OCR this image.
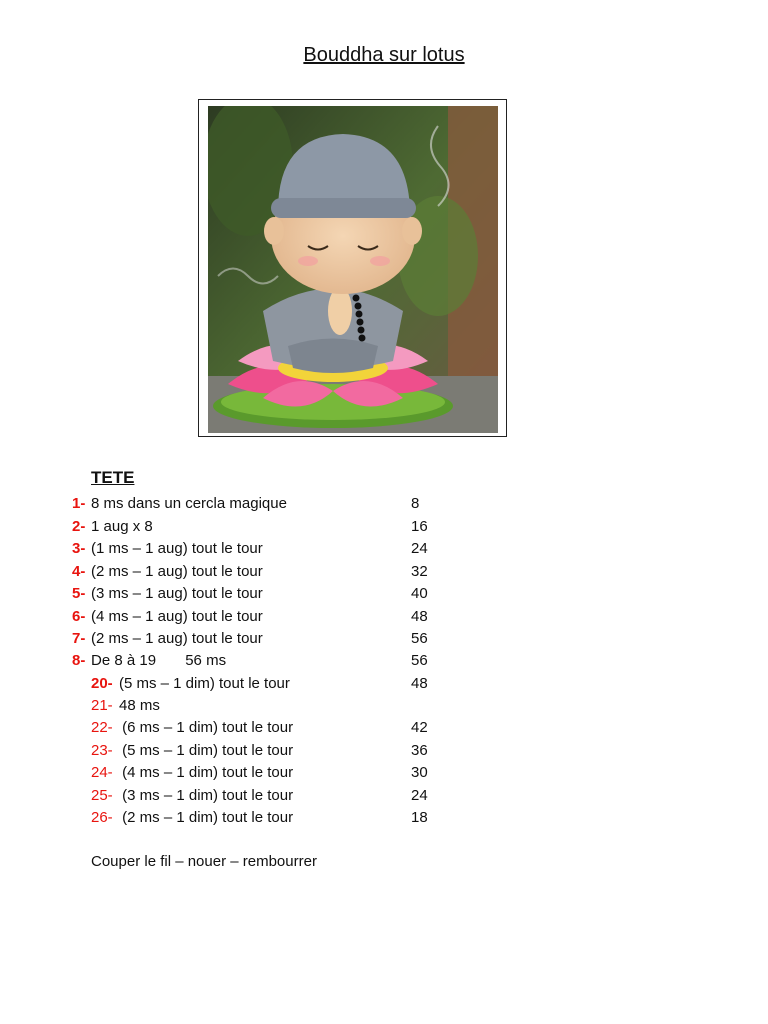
Bouddha sur lotus
TETE
1- 8 ms dans un cercla magique	8
2- 1 aug x 8	16
3- (1 ms – 1 aug) tout le tour	24
4- (2 ms – 1 aug) tout le tour	32
5- (3 ms – 1 aug) tout le tour	40
6- (4 ms – 1 aug) tout le tour	48
7- (2 ms – 1 aug) tout le tour	56
8- De 8 à 19       56 ms	56
20- (5 ms – 1 dim) tout le tour	48
21- 48 ms
22- (6 ms – 1 dim) tout le tour	42
23- (5 ms – 1 dim) tout le tour	36
24- (4 ms – 1 dim) tout le tour	30
25- (3 ms – 1 dim) tout le tour	24
26- (2 ms – 1 dim) tout le tour	18
Couper le fil – nouer – rembourrer
